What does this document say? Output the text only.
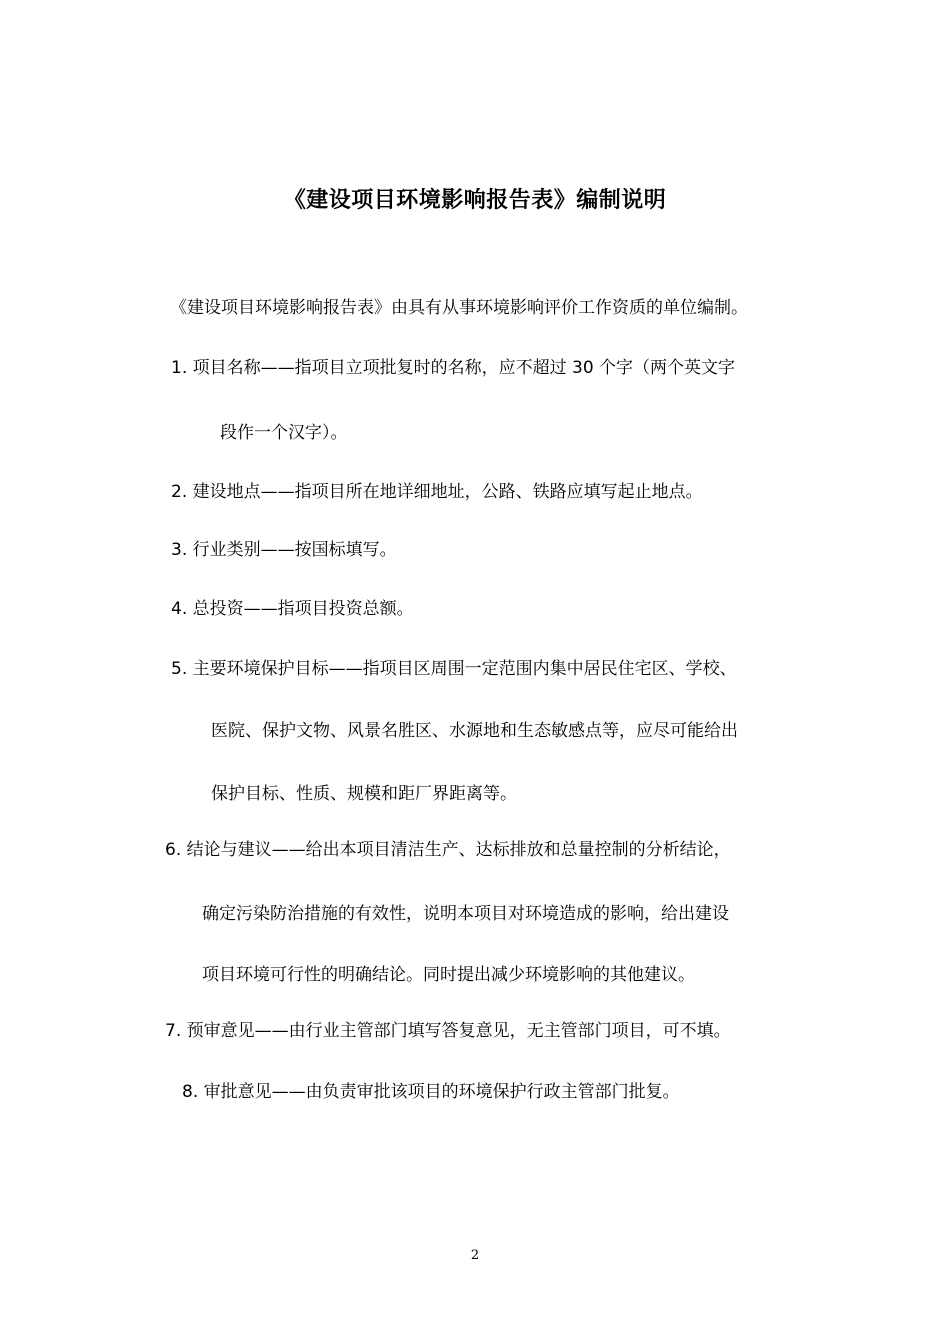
《建设项目环境影响报告表》编制说明
《建设项目环境影响报告表》由具有从事环境影响评价工作资质的单位编制。
1. 项目名称——指项目立项批复时的名称，应不超过 30 个字（两个英文字
段作一个汉字）。
2. 建设地点——指项目所在地详细地址，公路、铁路应填写起止地点。
3. 行业类别——按国标填写。
4. 总投资——指项目投资总额。
5. 主要环境保护目标——指项目区周围一定范围内集中居民住宅区、学校、
医院、保护文物、风景名胜区、水源地和生态敏感点等，应尽可能给出
保护目标、性质、规模和距厂界距离等。
6. 结论与建议——给出本项目清洁生产、达标排放和总量控制的分析结论，
确定污染防治措施的有效性，说明本项目对环境造成的影响，给出建设
项目环境可行性的明确结论。同时提出减少环境影响的其他建议。
7. 预审意见——由行业主管部门填写答复意见，无主管部门项目，可不填。
8. 审批意见——由负责审批该项目的环境保护行政主管部门批复。
2
